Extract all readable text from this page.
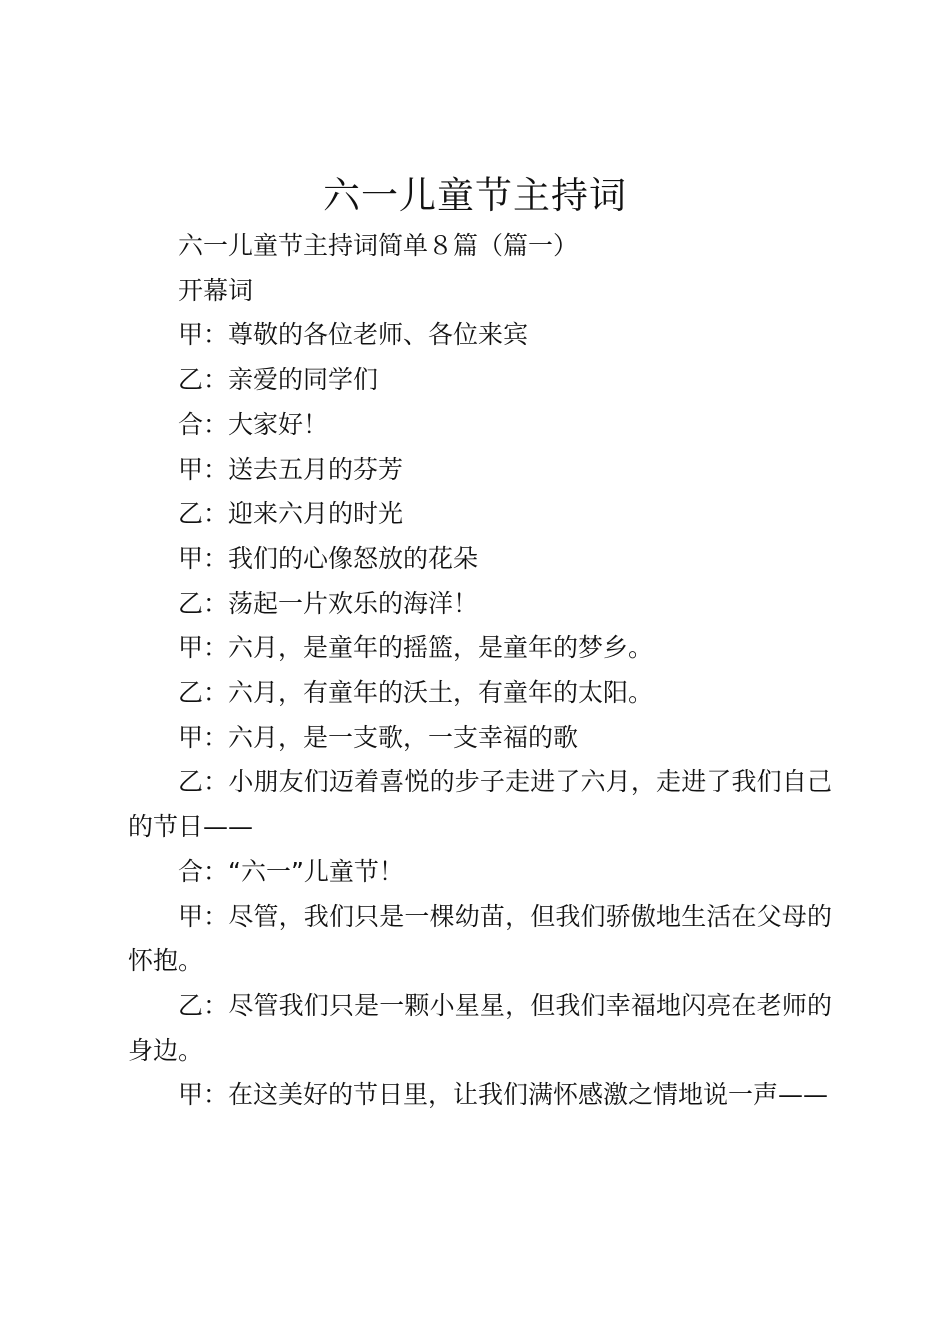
六一儿童节主持词

六一儿童节主持词简单８篇（篇一）

开幕词

甲：尊敬的各位老师、各位来宾

乙：亲爱的同学们

合：大家好！

甲：送去五月的芬芳

乙：迎来六月的时光

甲：我们的心像怒放的花朵

乙：荡起一片欢乐的海洋！

甲：六月，是童年的摇篮，是童年的梦乡。

乙：六月，有童年的沃土，有童年的太阳。

甲：六月，是一支歌，一支幸福的歌

乙：小朋友们迈着喜悦的步子走进了六月，走进了我们自己的节日——

合：“六一”儿童节！

甲：尽管，我们只是一棵幼苗，但我们骄傲地生活在父母的怀抱。

乙：尽管我们只是一颗小星星，但我们幸福地闪亮在老师的身边。

甲：在这美好的节日里，让我们满怀感激之情地说一声——
